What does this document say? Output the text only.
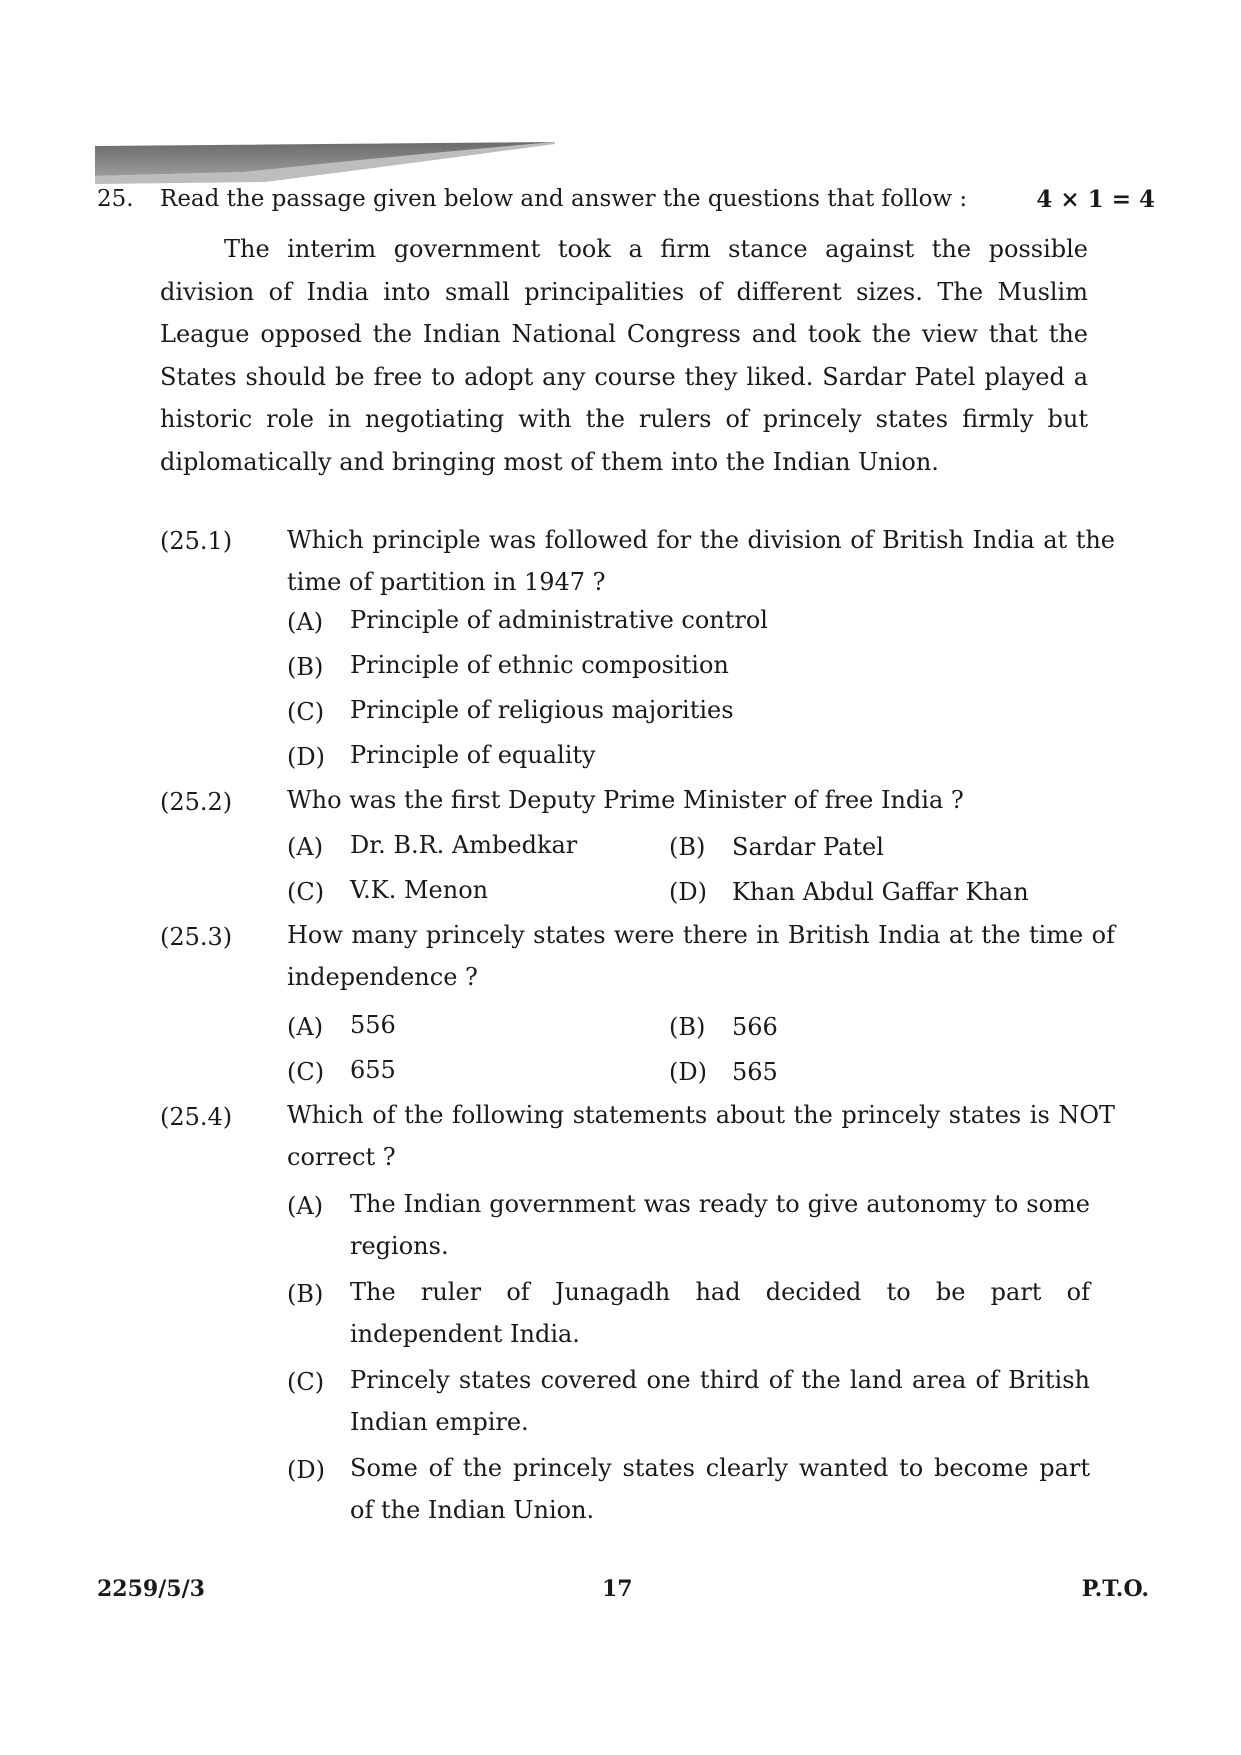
25. Read the passage given below and answer the questions that follow :	4 × 1 = 4
The interim government took a firm stance against the possible division of India into small principalities of different sizes. The Muslim League opposed the Indian National Congress and took the view that the States should be free to adopt any course they liked. Sardar Patel played a historic role in negotiating with the rulers of princely states firmly but diplomatically and bringing most of them into the Indian Union.
(25.1) Which principle was followed for the division of British India at the time of partition in 1947 ?
(A) Principle of administrative control
(B) Principle of ethnic composition
(C) Principle of religious majorities
(D) Principle of equality
(25.2) Who was the first Deputy Prime Minister of free India ?
(A) Dr. B.R. Ambedkar	(B) Sardar Patel
(C) V.K. Menon	(D) Khan Abdul Gaffar Khan
(25.3) How many princely states were there in British India at the time of independence ?
(A) 556	(B) 566
(C) 655	(D) 565
(25.4) Which of the following statements about the princely states is NOT correct ?
(A) The Indian government was ready to give autonomy to some regions.
(B) The ruler of Junagadh had decided to be part of independent India.
(C) Princely states covered one third of the land area of British Indian empire.
(D) Some of the princely states clearly wanted to become part of the Indian Union.
2259/5/3	17	P.T.O.
